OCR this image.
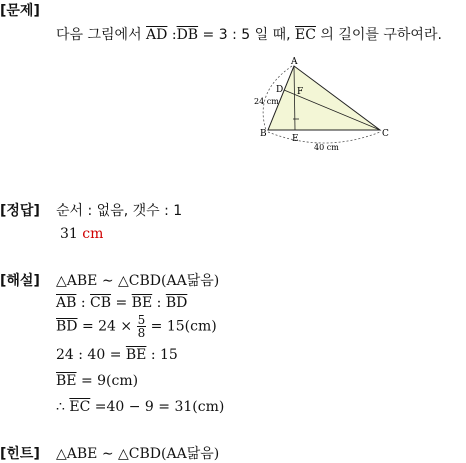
[문제]
다음 그림에서 $\overline{AD}$ $:\overline{DB} = 3$ : 5 일 때, $\overline{EC}$ 의 길이를 구하여라.
A
B	C
D
E
F
24 cm
40 cm
[정답] 순서 : 없음, 갯수 : 1
31 cm
[해설] △ABE ∼ △CBD(AA닮음)
$\overline{AB}$ : $\overline{CB} = \overline{BE}$ : $\overline{BD}$
$\overline{BD} = 24 \times \frac{5}{8} = 15(cm)$
24 : $40 = \overline{BE}$ : 15
$\overline{BE} = 9(cm)$
∴ $\overline{EC} =40 - 9 = 31(cm)$
[힌트] △ABE ∼ △CBD(AA닮음)
